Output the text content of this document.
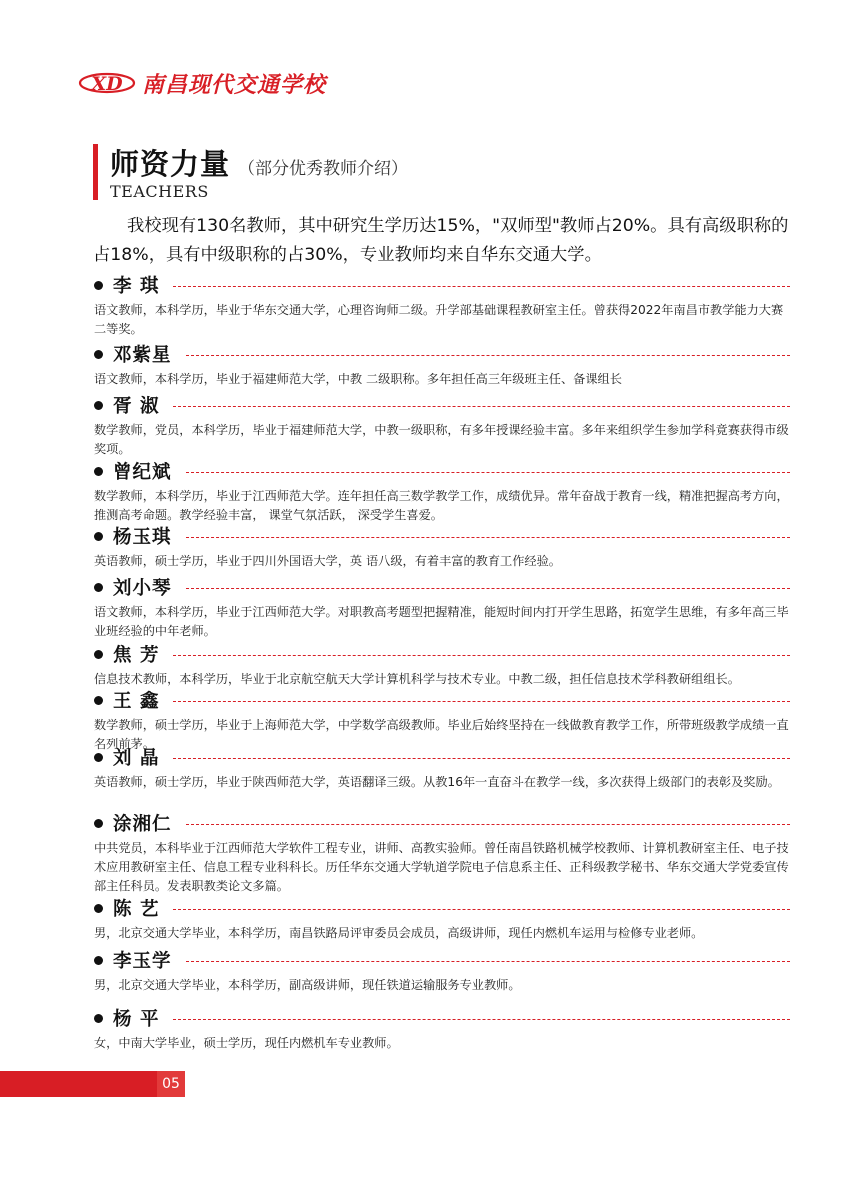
XD 南昌现代交通学校
师资力量 （部分优秀教师介绍）
TEACHERS

我校现有130名教师，其中研究生学历达15%，"双师型"教师占20%。具有高级职称的占18%，具有中级职称的占30%，专业教师均来自华东交通大学。

李 琪

语文教师，本科学历，毕业于华东交通大学，心理咨询师二级。升学部基础课程教研室主任。曾获得2022年南昌市教学能力大赛二等奖。

邓紫星

语文教师，本科学历，毕业于福建师范大学，中教 二级职称。多年担任高三年级班主任、备课组长

胥 淑

数学教师，党员，本科学历，毕业于福建师范大学，中教一级职称，有多年授课经验丰富。多年来组织学生参加学科竟赛获得市级奖项。

曾纪斌

数学教师，本科学历，毕业于江西师范大学。连年担任高三数学教学工作，成绩优异。常年奋战于教育一线，精准把握高考方向，推测高考命题。教学经验丰富， 课堂气氛活跃， 深受学生喜爱。

杨玉琪

英语教师，硕士学历，毕业于四川外国语大学，英 语八级，有着丰富的教育工作经验。

刘小琴

语文教师，本科学历，毕业于江西师范大学。对职教高考题型把握精准，能短时间内打开学生思路，拓宽学生思维，有多年高三毕业班经验的中年老师。

焦 芳

信息技术教师，本科学历，毕业于北京航空航天大学计算机科学与技术专业。中教二级，担任信息技术学科教研组组长。

王 鑫

数学教师，硕士学历，毕业于上海师范大学，中学数学高级教师。毕业后始终坚持在一线做教育教学工作，所带班级教学成绩一直名列前茅。

刘 晶

英语教师，硕士学历，毕业于陕西师范大学，英语翻译三级。从教16年一直奋斗在教学一线，多次获得上级部门的表彰及奖励。

涂湘仁

中共党员，本科毕业于江西师范大学软件工程专业，讲师、高教实验师。曾任南昌铁路机械学校教师、计算机教研室主任、电子技术应用教研室主任、信息工程专业科科长。历任华东交通大学轨道学院电子信息系主任、正科级教学秘书、华东交通大学党委宣传部主任科员。发表职教类论文多篇。

陈 艺

男，北京交通大学毕业，本科学历，南昌铁路局评审委员会成员，高级讲师，现任内燃机车运用与检修专业老师。

李玉学

男，北京交通大学毕业，本科学历，副高级讲师，现任铁道运输服务专业教师。

杨 平

女，中南大学毕业，硕士学历，现任内燃机车专业教师。

05
